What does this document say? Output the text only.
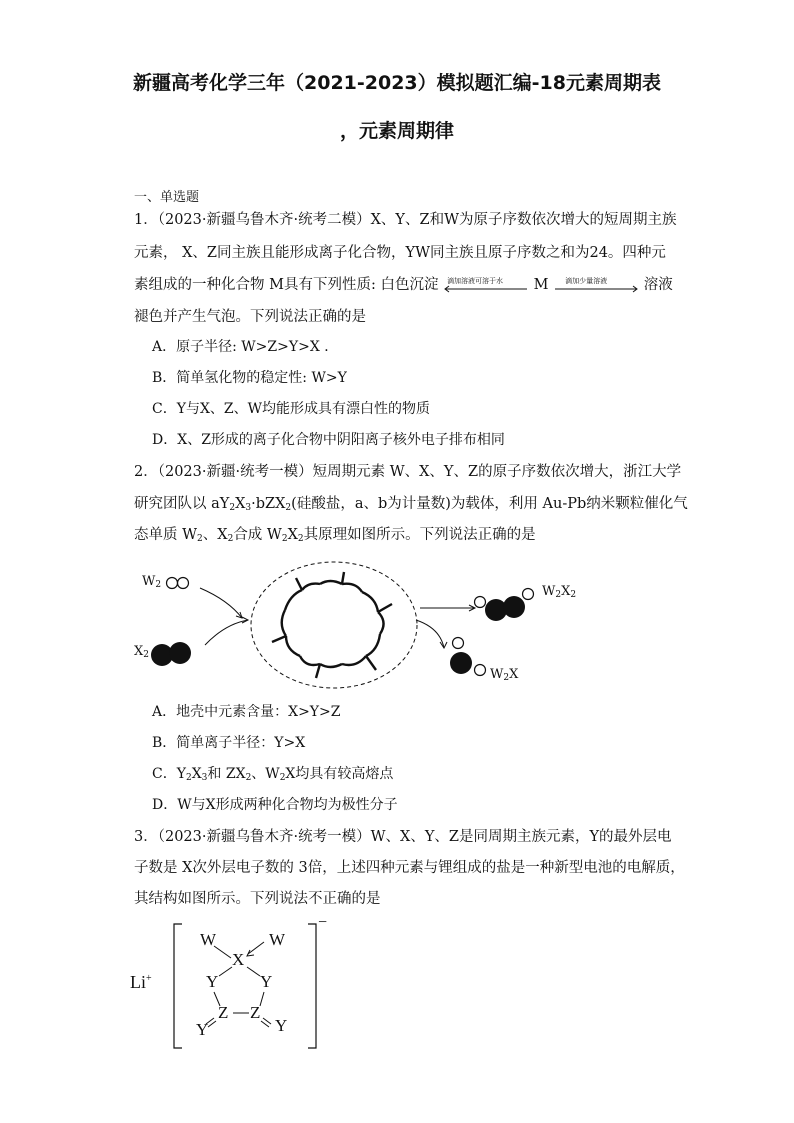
新疆高考化学三年（2021-2023）模拟题汇编-18元素周期表
，元素周期律
一、单选题
1．（2023·新疆乌鲁木齐·统考二模）X、Y、Z和W为原子序数依次增大的短周期主族
元素， X、Z同主族且能形成离子化合物，YW同主族且原子序数之和为24。四种元
素组成的一种化合物 M具有下列性质: 白色沉淀 滴加溶液可溶于水 M 滴加少量溶液	溶液
褪色并产生气泡。下列说法正确的是
A．原子半径: W>Z>Y>X ．
B．简单氢化物的稳定性: W>Y
C．Y与X、Z、W均能形成具有漂白性的物质
D．X、Z形成的离子化合物中阴阳离子核外电子排布相同
2．（2023·新疆·统考一模）短周期元素 W、X、Y、Z的原子序数依次增大，浙江大学
研究团队以 $aY_2X_3\cdot bZX_2$(硅酸盐，a、b为计量数)为载体，利用 Au-Pb纳米颗粒催化气
态单质 $W_2$、$X_2$合成 $W_2X_2$其原理如图所示。下列说法正确的是
$W_2$
$X_2$
$W_2X_2$
$W_2X$
A．地壳中元素含量：X>Y>Z
B．简单离子半径：Y>X
C．$Y_2X_3$和 $ZX_2$、$W_2X$均具有较高熔点
D．W与X形成两种化合物均为极性分子
3．（2023·新疆乌鲁木齐·统考一模）W、X、Y、Z是同周期主族元素，Y的最外层电
子数是 X次外层电子数的 3倍，上述四种元素与锂组成的盐是一种新型电池的电解质，
其结构如图所示。下列说法不正确的是
Li+
−
W	W
X
Y Y
Z Z
Y	Y
